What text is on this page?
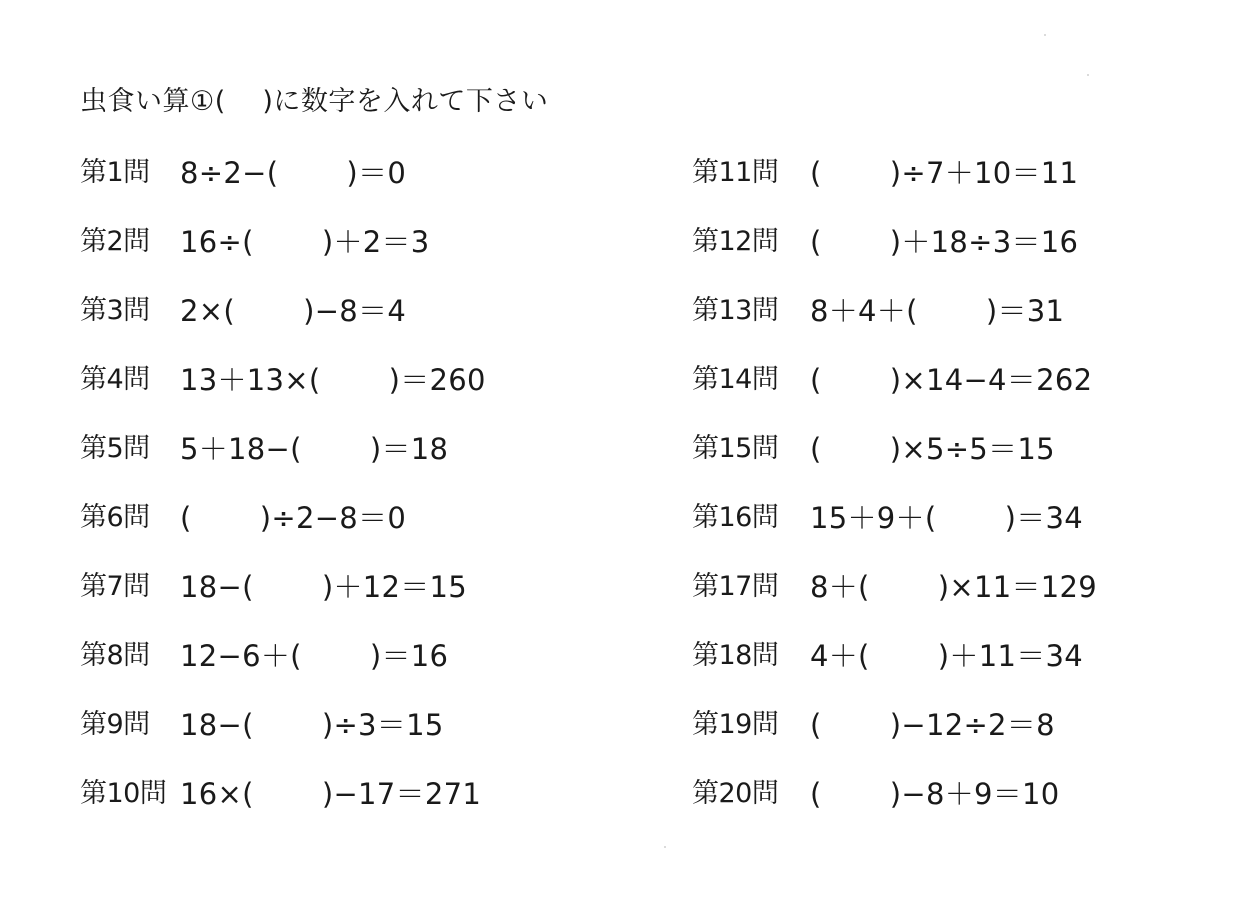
虫食い算①(　 )に数字を入れて下さい
第1問	8÷2−(　　 )＝0
第2問	16÷(　　 )＋2＝3
第3問	2×(　　 )−8＝4
第4問	13＋13×(　　 )＝260
第5問	5＋18−(　　 )＝18
第6問	(　　 )÷2−8＝0
第7問	18−(　　 )＋12＝15
第8問	12−6＋(　　 )＝16
第9問	18−(　　 )÷3＝15
第10問 16×(　　 )−17＝271
第11問	(　　 )÷7＋10＝11
第12問	(　　 )＋18÷3＝16
第13問	8＋4＋(　　 )＝31
第14問	(　　 )×14−4＝262
第15問	(　　 )×5÷5＝15
第16問	15＋9＋(　　 )＝34
第17問	8＋(　　 )×11＝129
第18問	4＋(　　 )＋11＝34
第19問	(　　 )−12÷2＝8
第20問	(　　 )−8＋9＝10
